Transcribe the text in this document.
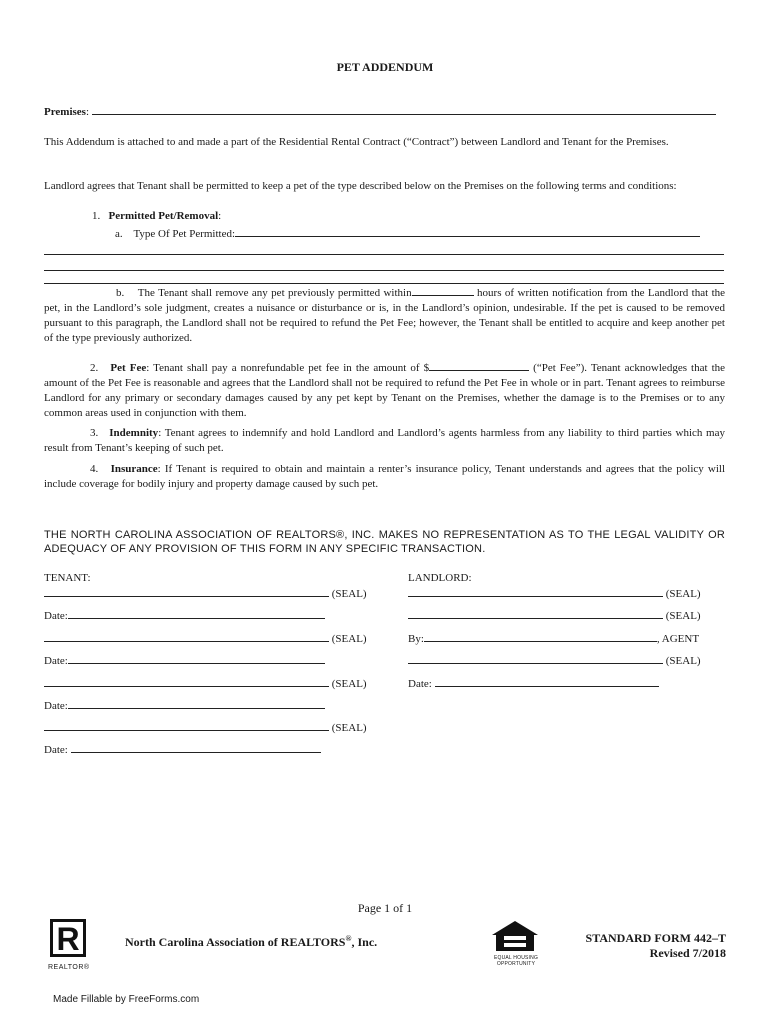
PET ADDENDUM
Premises:
This Addendum is attached to and made a part of the Residential Rental Contract (“Contract”) between Landlord and Tenant for the Premises.
Landlord agrees that Tenant shall be permitted to keep a pet of the type described below on the Premises on the following terms and conditions:
1. Permitted Pet/Removal:
a. Type Of Pet Permitted:
b. The Tenant shall remove any pet previously permitted within	hours of written notification from the Landlord that the pet, in the Landlord’s sole judgment, creates a nuisance or disturbance or is, in the Landlord’s opinion, undesirable. If the pet is caused to be removed pursuant to this paragraph, the Landlord shall not be required to refund the Pet Fee; however, the Tenant shall be entitled to acquire and keep another pet of the type previously authorized.
2. Pet Fee: Tenant shall pay a nonrefundable pet fee in the amount of $	(“Pet Fee”). Tenant acknowledges that the amount of the Pet Fee is reasonable and agrees that the Landlord shall not be required to refund the Pet Fee in whole or in part. Tenant agrees to reimburse Landlord for any primary or secondary damages caused by any pet kept by Tenant on the Premises, whether the damage is to the Premises or to any common areas used in conjunction with them.
3. Indemnity: Tenant agrees to indemnify and hold Landlord and Landlord’s agents harmless from any liability to third parties which may result from Tenant’s keeping of such pet.
4. Insurance: If Tenant is required to obtain and maintain a renter’s insurance policy, Tenant understands and agrees that the policy will include coverage for bodily injury and property damage caused by such pet.
THE NORTH CAROLINA ASSOCIATION OF REALTORS®, INC. MAKES NO REPRESENTATION AS TO THE LEGAL VALIDITY OR ADEQUACY OF ANY PROVISION OF THIS FORM IN ANY SPECIFIC TRANSACTION.
TENANT:
(SEAL)
Date:
(SEAL)
Date:
(SEAL)
Date:
(SEAL)
Date:
LANDLORD:
(SEAL)
(SEAL)
By:	, AGENT
(SEAL)
Date:
Page 1 of 1
R
REALTOR®
North Carolina Association of REALTORS®, Inc.
EQUAL HOUSING OPPORTUNITY
STANDARD FORM 442–T
Revised 7/2018
Made Fillable by FreeForms.com
